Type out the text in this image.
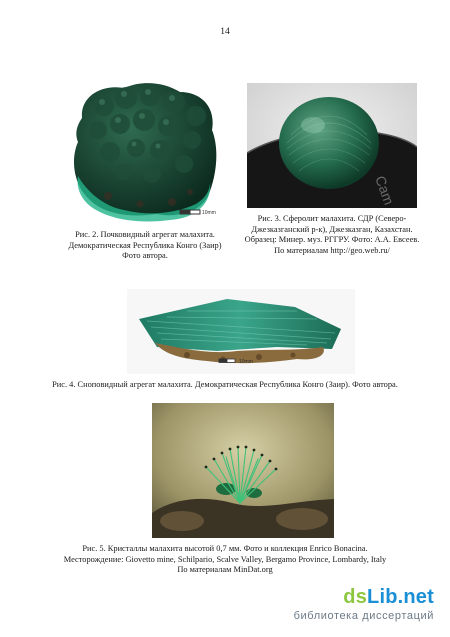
14
10mm
Рис. 2. Почковидный агрегат малахита.
Демократическая Республика Конго (Заир)
Фото автора.
Cam
Рис. 3. Сферолит малахита. СДР (Северо-
Джезказганский р-к), Джезказган, Казахстан.
Образец: Минер. муз. РГГРУ. Фото: А.А. Евсеев.
По материалам http://geo.web.ru/
10mm
Рис. 4. Снопoвидный агрегат малахита. Демократическая Республика Конго (Заир). Фото автора.
Рис. 5. Кристаллы малахита высотой 0,7 мм. Фото и коллекция Enrico Bonacina.
Месторождение: Giovetto mine, Schilpario, Scalve Valley, Bergamo Province, Lombardy, Italy
По материалам MinDat.org
dsLib.net
библиотека диссертаций
